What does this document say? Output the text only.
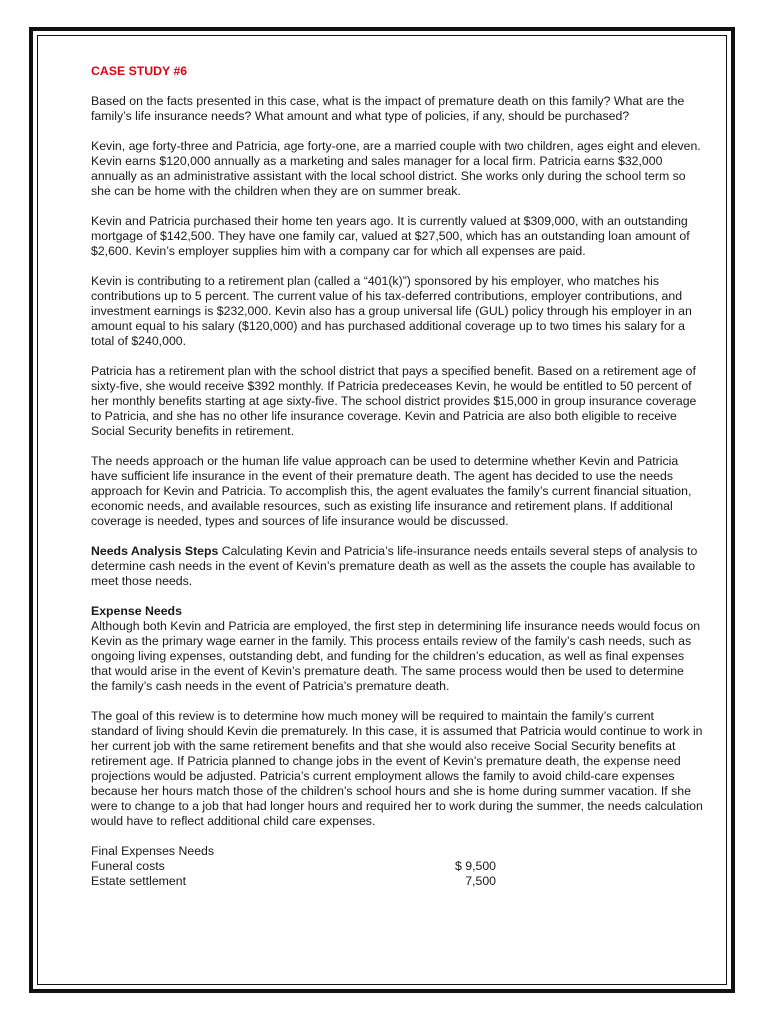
CASE STUDY #6

Based on the facts presented in this case, what is the impact of premature death on this family? What are the family’s life insurance needs? What amount and what type of policies, if any, should be purchased?

Kevin, age forty-three and Patricia, age forty-one, are a married couple with two children, ages eight and eleven. Kevin earns $120,000 annually as a marketing and sales manager for a local firm. Patricia earns $32,000 annually as an administrative assistant with the local school district. She works only during the school term so she can be home with the children when they are on summer break.

Kevin and Patricia purchased their home ten years ago. It is currently valued at $309,000, with an outstanding mortgage of $142,500. They have one family car, valued at $27,500, which has an outstanding loan amount of $2,600. Kevin’s employer supplies him with a company car for which all expenses are paid.

Kevin is contributing to a retirement plan (called a “401(k)”) sponsored by his employer, who matches his contributions up to 5 percent. The current value of his tax-deferred contributions, employer contributions, and investment earnings is $232,000. Kevin also has a group universal life (GUL) policy through his employer in an amount equal to his salary ($120,000) and has purchased additional coverage up to two times his salary for a total of $240,000.

Patricia has a retirement plan with the school district that pays a specified benefit. Based on a retirement age of sixty-five, she would receive $392 monthly. If Patricia predeceases Kevin, he would be entitled to 50 percent of her monthly benefits starting at age sixty-five. The school district provides $15,000 in group insurance coverage to Patricia, and she has no other life insurance coverage. Kevin and Patricia are also both eligible to receive Social Security benefits in retirement.

The needs approach or the human life value approach can be used to determine whether Kevin and Patricia have sufficient life insurance in the event of their premature death. The agent has decided to use the needs approach for Kevin and Patricia. To accomplish this, the agent evaluates the family’s current financial situation, economic needs, and available resources, such as existing life insurance and retirement plans. If additional coverage is needed, types and sources of life insurance would be discussed.

Needs Analysis Steps Calculating Kevin and Patricia’s life-insurance needs entails several steps of analysis to determine cash needs in the event of Kevin’s premature death as well as the assets the couple has available to meet those needs.

Expense Needs

Although both Kevin and Patricia are employed, the first step in determining life insurance needs would focus on Kevin as the primary wage earner in the family. This process entails review of the family’s cash needs, such as ongoing living expenses, outstanding debt, and funding for the children’s education, as well as final expenses that would arise in the event of Kevin’s premature death. The same process would then be used to determine the family’s cash needs in the event of Patricia’s premature death.

The goal of this review is to determine how much money will be required to maintain the family’s current standard of living should Kevin die prematurely. In this case, it is assumed that Patricia would continue to work in her current job with the same retirement benefits and that she would also receive Social Security benefits at retirement age. If Patricia planned to change jobs in the event of Kevin’s premature death, the expense need projections would be adjusted. Patricia’s current employment allows the family to avoid child-care expenses because her hours match those of the children’s school hours and she is home during summer vacation. If she were to change to a job that had longer hours and required her to work during the summer, the needs calculation would have to reflect additional child care expenses.

Final Expenses Needs
Funeral costs	$ 9,500
Estate settlement	7,500
